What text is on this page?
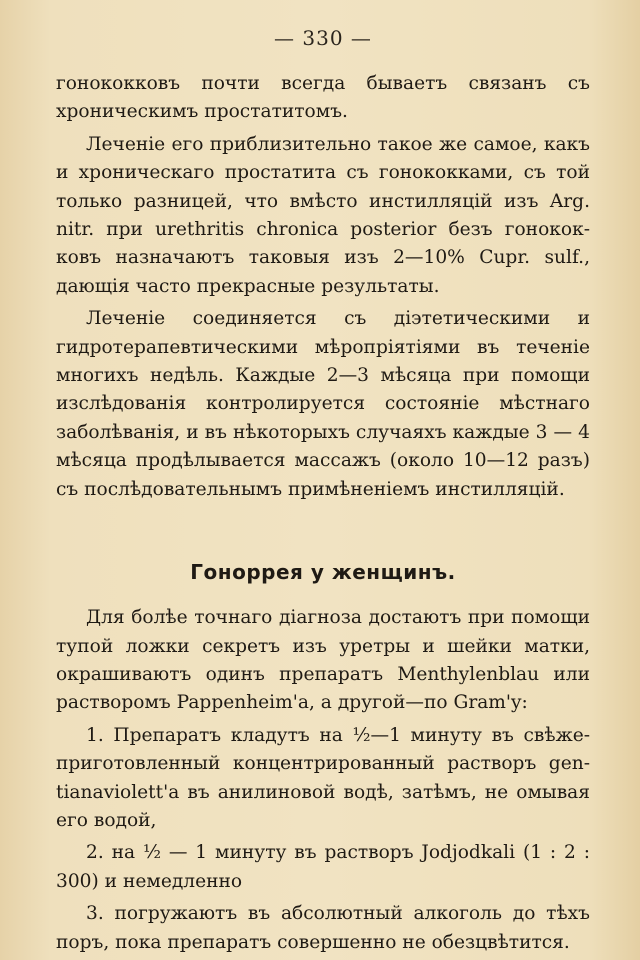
— 330 —

гонококковъ почти всегда бываетъ связанъ съ хроническимъ простатитомъ.

Леченіе его приблизительно такое же самое, какъ и хроническаго простатита съ гонококками, съ той только разницей, что вмѣсто инстилляцій изъ Arg. nitr. при urethritis chronica posterior безъ гонококковъ назначаютъ таковыя изъ 2—10% Cupr. sulf., дающія часто прекрасные результаты.

Леченіе соединяется съ діэтетическими и гидротерапевтическими мѣропріятіями въ теченіе многихъ недѣль. Каждые 2—3 мѣсяца при помощи изслѣдованія контролируется состояніе мѣстнаго заболѣванія, и въ нѣкоторыхъ случаяхъ каждые 3 — 4 мѣсяца продѣлывается массажъ (около 10—12 разъ) съ послѣдовательнымъ примѣненіемъ инстилляцій.

Гоноррея у женщинъ.

Для болѣе точнаго діагноза достаютъ при помощи тупой ложки секретъ изъ уретры и шейки матки, окрашиваютъ одинъ препаратъ Menthylenblau или растворомъ Pappenheim'a, а другой—по Gram'y:

1. Препаратъ кладутъ на ½—1 минуту въ свѣжеприготовленный концентрированный растворъ gentianaviolett'a въ анилиновой водѣ, затѣмъ, не омывая его водой,

2. на ½ — 1 минуту въ растворъ Jodjodkali (1 : 2 : 300) и немедленно

3. погружаютъ въ абсолютный алкоголь до тѣхъ поръ, пока препаратъ совершенно не обезцвѣтится.
